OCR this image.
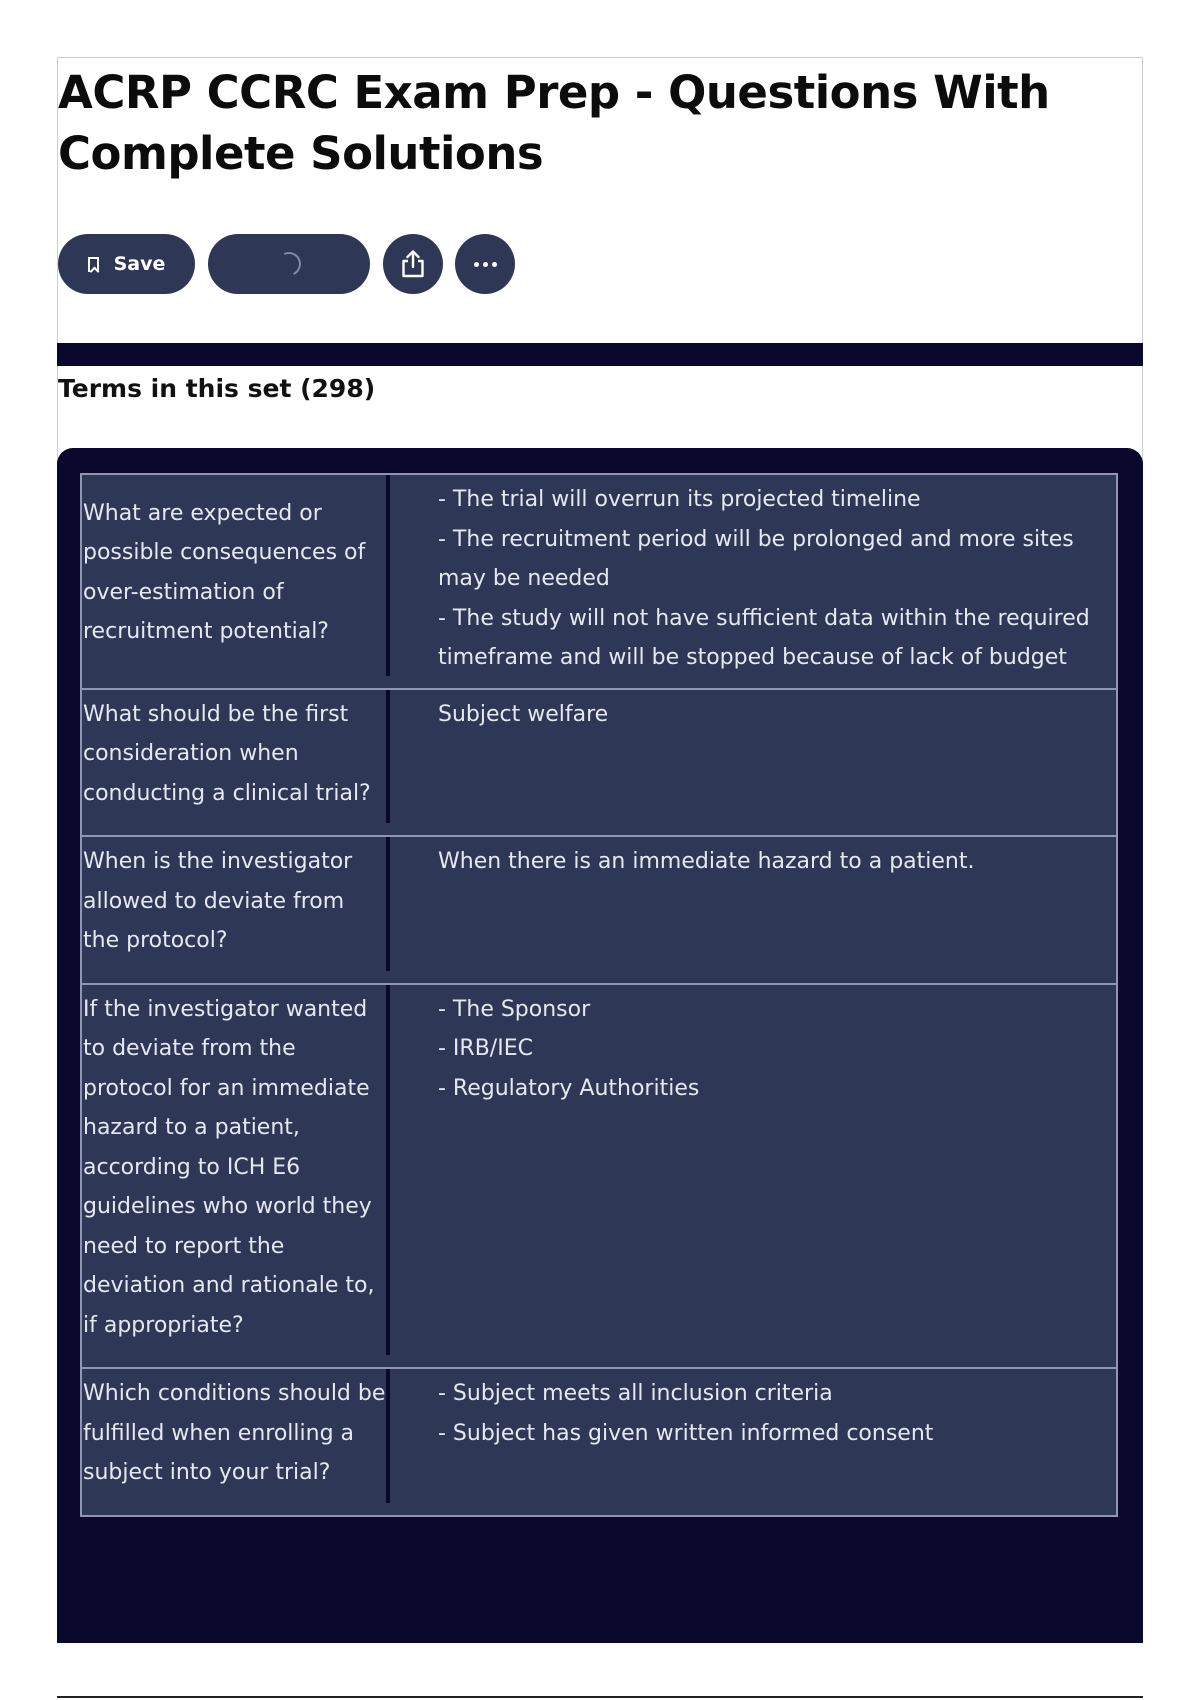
ACRP CCRC Exam Prep - Questions With Complete Solutions
Save
Terms in this set (298)
What are expected or possible consequences of over-estimation of recruitment potential?
- The trial will overrun its projected timeline
- The recruitment period will be prolonged and more sites may be needed
- The study will not have sufficient data within the required timeframe and will be stopped because of lack of budget
What should be the first consideration when conducting a clinical trial?
Subject welfare
When is the investigator allowed to deviate from the protocol?
When there is an immediate hazard to a patient.
If the investigator wanted to deviate from the protocol for an immediate hazard to a patient, according to ICH E6 guidelines who world they need to report the deviation and rationale to, if appropriate?
- The Sponsor
- IRB/IEC
- Regulatory Authorities
Which conditions should be fulfilled when enrolling a subject into your trial?
- Subject meets all inclusion criteria
- Subject has given written informed consent
